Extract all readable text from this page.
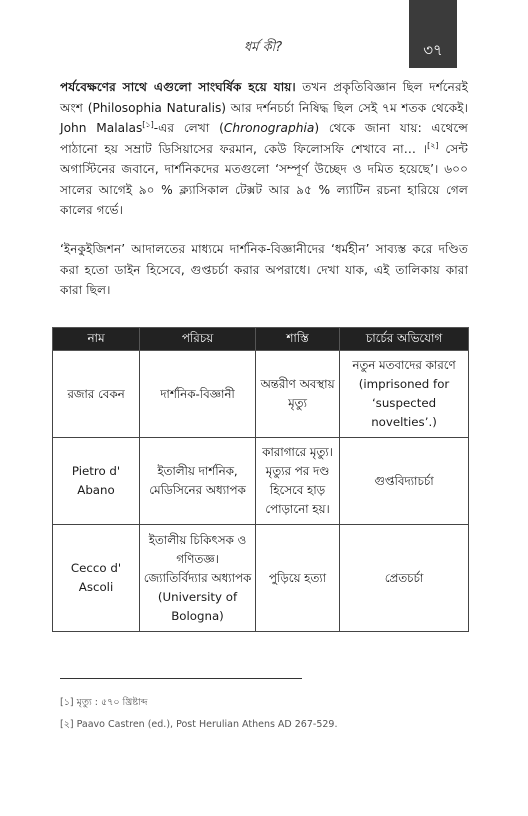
ধর্ম কী?	৩৭
পর্যবেক্ষণের সাথে এগুলো সাংঘর্ষিক হয়ে যায়। তখন প্রকৃতিবিজ্ঞান ছিল দর্শনেরই অংশ (Philosophia Naturalis) আর দর্শনচর্চা নিষিদ্ধ ছিল সেই ৭ম শতক থেকেই। John Malalas[১]-এর লেখা (Chronographia) থেকে জানা যায়: এথেন্সে পাঠানো হয় সম্রাট ডিসিয়াসের ফরমান, কেউ ফিলোসফি শেখাবে না… ।[২] সেন্ট অগাস্টিনের জবানে, দার্শনিকদের মতগুলো ‘সম্পূর্ণ উচ্ছেদ ও দমিত হয়েছে’। ৬০০ সালের আগেই ৯০ % ক্ল্যাসিকাল টেক্সট আর ৯৫ % ল্যাটিন রচনা হারিয়ে গেল কালের গর্ভে।
‘ইনকুইজিশন’ আদালতের মাধ্যমে দার্শনিক-বিজ্ঞানীদের ‘ধর্মহীন’ সাব্যস্ত করে দণ্ডিত করা হতো ডাইন হিসেবে, গুপ্তচর্চা করার অপরাধে। দেখা যাক, এই তালিকায় কারা কারা ছিল।
নাম	পরিচয়	শাস্তি	চার্চের অভিযোগ
রজার বেকন	দার্শনিক-বিজ্ঞানী	অন্তরীণ অবস্থায় মৃত্যু	নতুন মতবাদের কারণে (imprisoned for ‘suspected novelties’.)
Pietro d' Abano	ইতালীয় দার্শনিক, মেডিসিনের অধ্যাপক	কারাগারে মৃত্যু। মৃত্যুর পর দণ্ড হিসেবে হাড় পোড়ানো হয়।	গুপ্তবিদ্যাচর্চা
Cecco d' Ascoli	ইতালীয় চিকিৎসক ও গণিতজ্ঞ। জ্যোতির্বিদ্যার অধ্যাপক (University of Bologna)	পুড়িয়ে হত্যা	প্রেতচর্চা
[১] মৃত্যু : ৫৭০ খ্রিষ্টাব্দ
[২] Paavo Castren (ed.), Post Herulian Athens AD 267-529.
